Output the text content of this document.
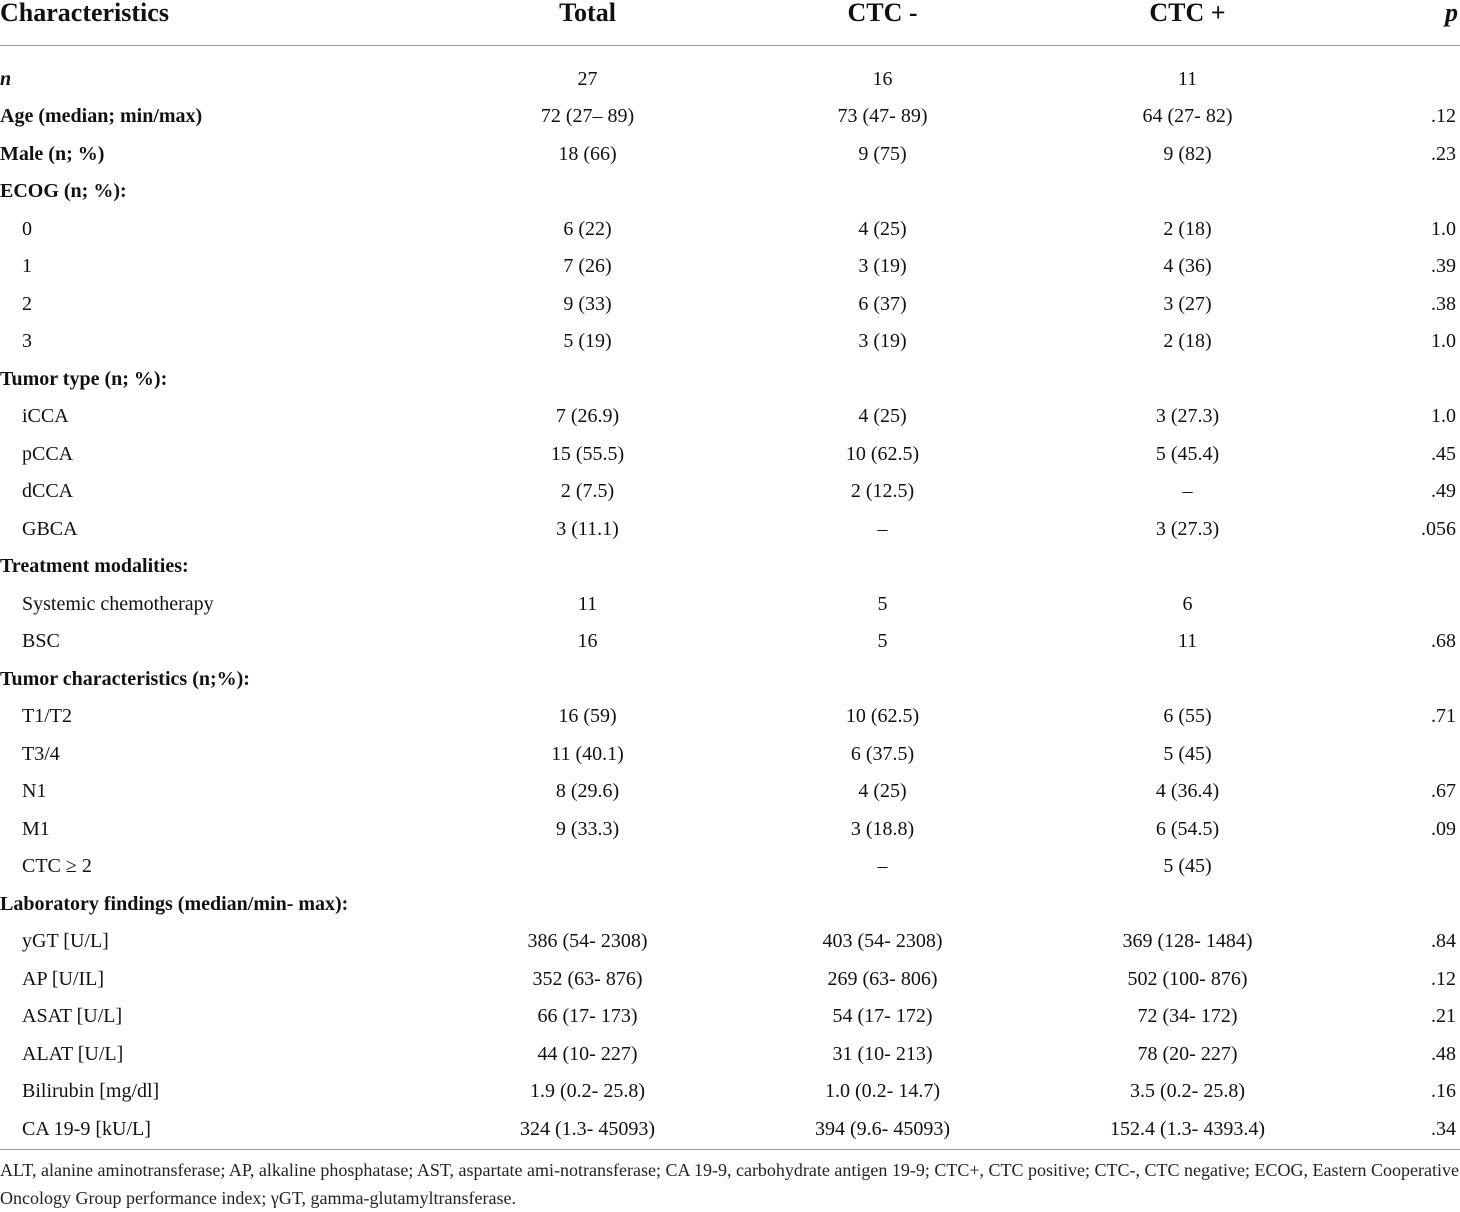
Characteristics	Total	CTC -	CTC +	p

n	27	16	11	
Age (median; min/max)	72 (27– 89)	73 (47- 89)	64 (27- 82)	.12
Male (n; %)	18 (66)	9 (75)	9 (82)	.23
ECOG (n; %):				
0	6 (22)	4 (25)	2 (18)	1.0
1	7 (26)	3 (19)	4 (36)	.39
2	9 (33)	6 (37)	3 (27)	.38
3	5 (19)	3 (19)	2 (18)	1.0
Tumor type (n; %):				
iCCA	7 (26.9)	4 (25)	3 (27.3)	1.0
pCCA	15 (55.5)	10 (62.5)	5 (45.4)	.45
dCCA	2 (7.5)	2 (12.5)	–	.49
GBCA	3 (11.1)	–	3 (27.3)	.056
Treatment modalities:				
Systemic chemotherapy	11	5	6	
BSC	16	5	11	.68
Tumor characteristics (n;%):				
T1/T2	16 (59)	10 (62.5)	6 (55)	.71
T3/4	11 (40.1)	6 (37.5)	5 (45)	
N1	8 (29.6)	4 (25)	4 (36.4)	.67
M1	9 (33.3)	3 (18.8)	6 (54.5)	.09
CTC ≥ 2		–	5 (45)	
Laboratory findings (median/min- max):				
yGT [U/L]	386 (54- 2308)	403 (54- 2308)	369 (128- 1484)	.84
AP [U/IL]	352 (63- 876)	269 (63- 806)	502 (100- 876)	.12
ASAT [U/L]	66 (17- 173)	54 (17- 172)	72 (34- 172)	.21
ALAT [U/L]	44 (10- 227)	31 (10- 213)	78 (20- 227)	.48
Bilirubin [mg/dl]	1.9 (0.2- 25.8)	1.0 (0.2- 14.7)	3.5 (0.2- 25.8)	.16
CA 19-9 [kU/L]	324 (1.3- 45093)	394 (9.6- 45093)	152.4 (1.3- 4393.4)	.34
ALT, alanine aminotransferase; AP, alkaline phosphatase; AST, aspartate ami-notransferase; CA 19-9, carbohydrate antigen 19-9; CTC+, CTC positive; CTC-, CTC negative; ECOG, Eastern Cooperative Oncology Group performance index; γGT, gamma-glutamyltransferase.
